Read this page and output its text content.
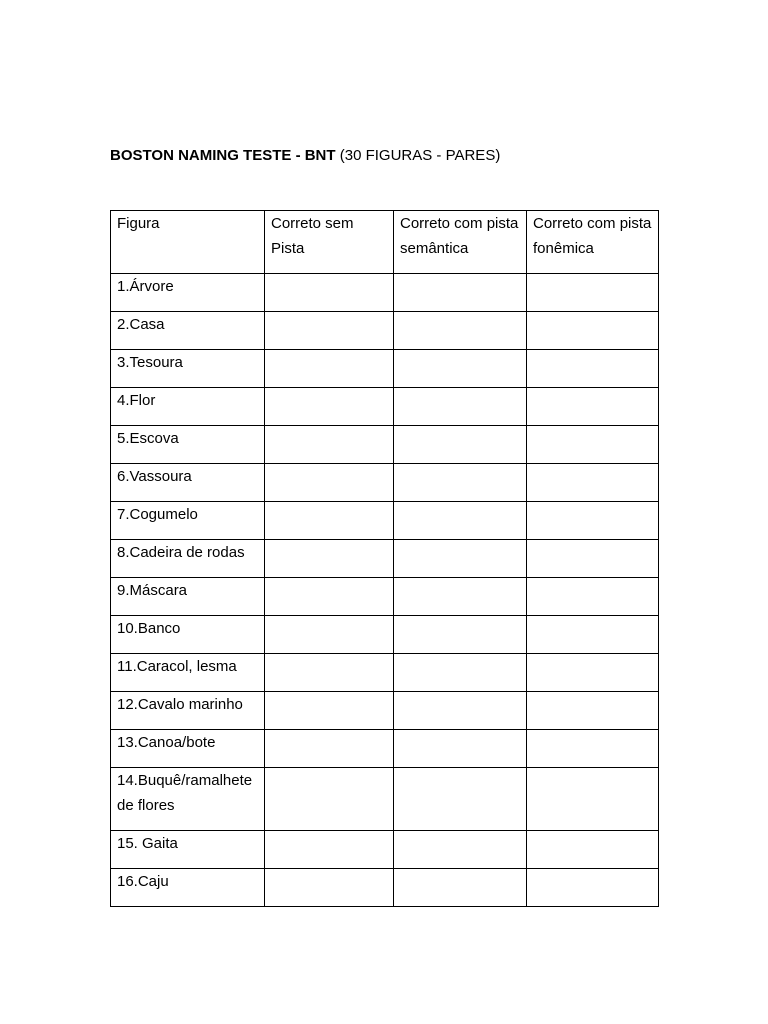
BOSTON NAMING TESTE - BNT (30 FIGURAS - PARES)
Figura	Correto sem Pista	Correto com pista semântica	Correto com pista fonêmica
1.Árvore			
2.Casa			
3.Tesoura			
4.Flor			
5.Escova			
6.Vassoura			
7.Cogumelo			
8.Cadeira de rodas			
9.Máscara			
10.Banco			
11.Caracol, lesma			
12.Cavalo marinho			
13.Canoa/bote			
14.Buquê/ramalhete de flores			
15. Gaita			
16.Caju			
